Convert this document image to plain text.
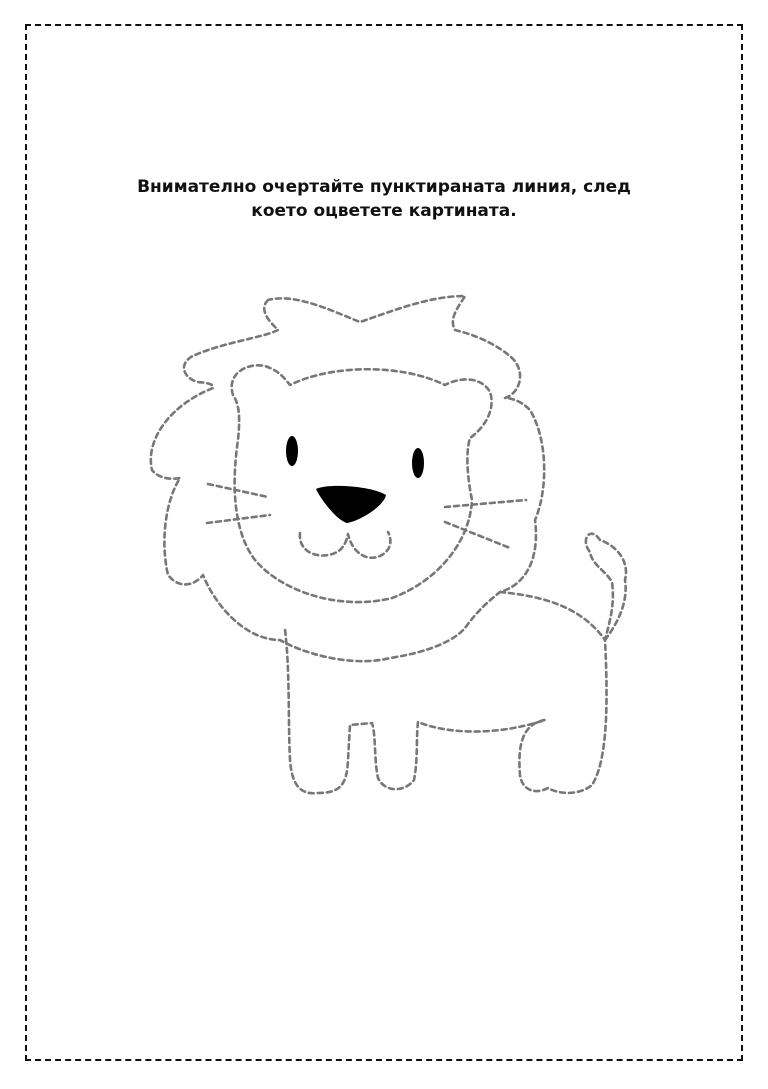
Внимателно очертайте пунктираната линия, след
което оцветете картината.
